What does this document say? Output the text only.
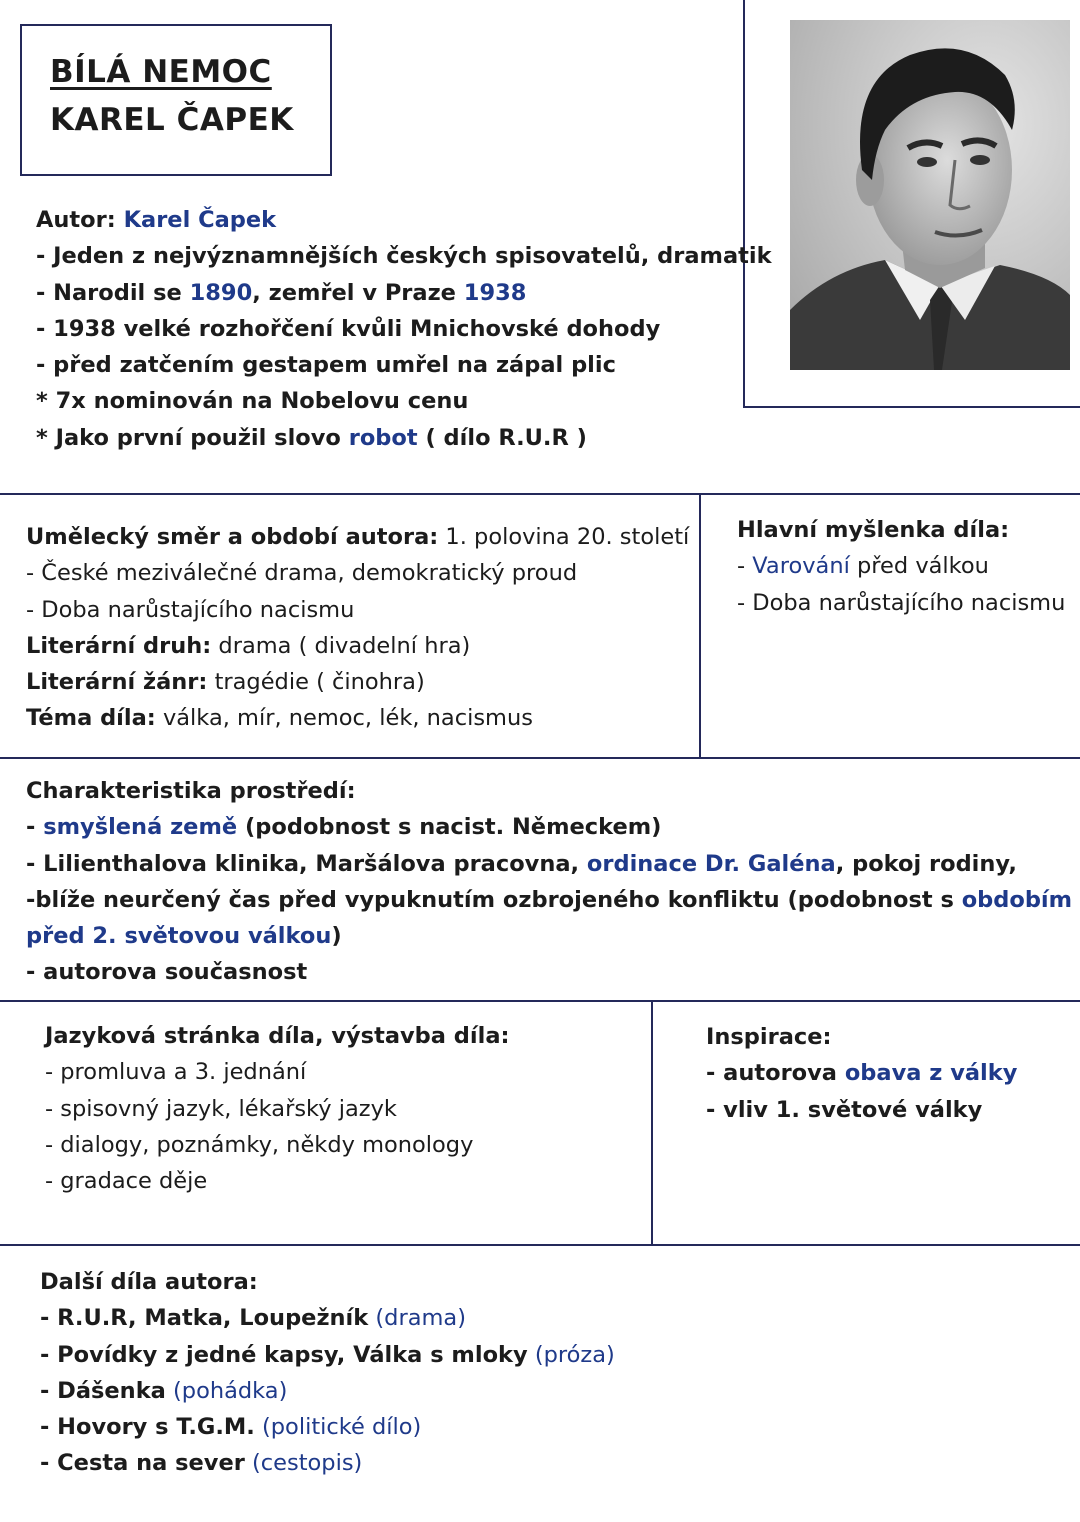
BÍLÁ NEMOC
KAREL ČAPEK
Autor: Karel Čapek
- Jeden z nejvýznamnějších českých spisovatelů, dramatik
- Narodil se 1890, zemřel v Praze 1938
- 1938 velké rozhořčení kvůli Mnichovské dohody
- před zatčením gestapem umřel na zápal plic
* 7x nominován na Nobelovu cenu
* Jako první použil slovo robot ( dílo R.U.R )
Umělecký směr a období autora: 1. polovina 20. století
- České meziválečné drama, demokratický proud
- Doba narůstajícího nacismu
Literární druh: drama ( divadelní hra)
Literární žánr: tragédie ( činohra)
Téma díla: válka, mír, nemoc, lék, nacismus
Hlavní myšlenka díla:
- Varování před válkou
- Doba narůstajícího nacismu
Charakteristika prostředí:
- smyšlená země (podobnost s nacist. Německem)
- Lilienthalova klinika, Maršálova pracovna, ordinace Dr. Galéna, pokoj rodiny,
-blíže neurčený čas před vypuknutím ozbrojeného konfliktu (podobnost s obdobím
před 2. světovou válkou)
- autorova současnost
Jazyková stránka díla, výstavba díla:
- promluva a 3. jednání
- spisovný jazyk, lékařský jazyk
- dialogy, poznámky, někdy monology
- gradace děje
Inspirace:
- autorova obava z války
- vliv 1. světové války
Další díla autora:
- R.U.R, Matka, Loupežník (drama)
- Povídky z jedné kapsy, Válka s mloky (próza)
- Dášenka (pohádka)
- Hovory s T.G.M. (politické dílo)
- Cesta na sever (cestopis)
